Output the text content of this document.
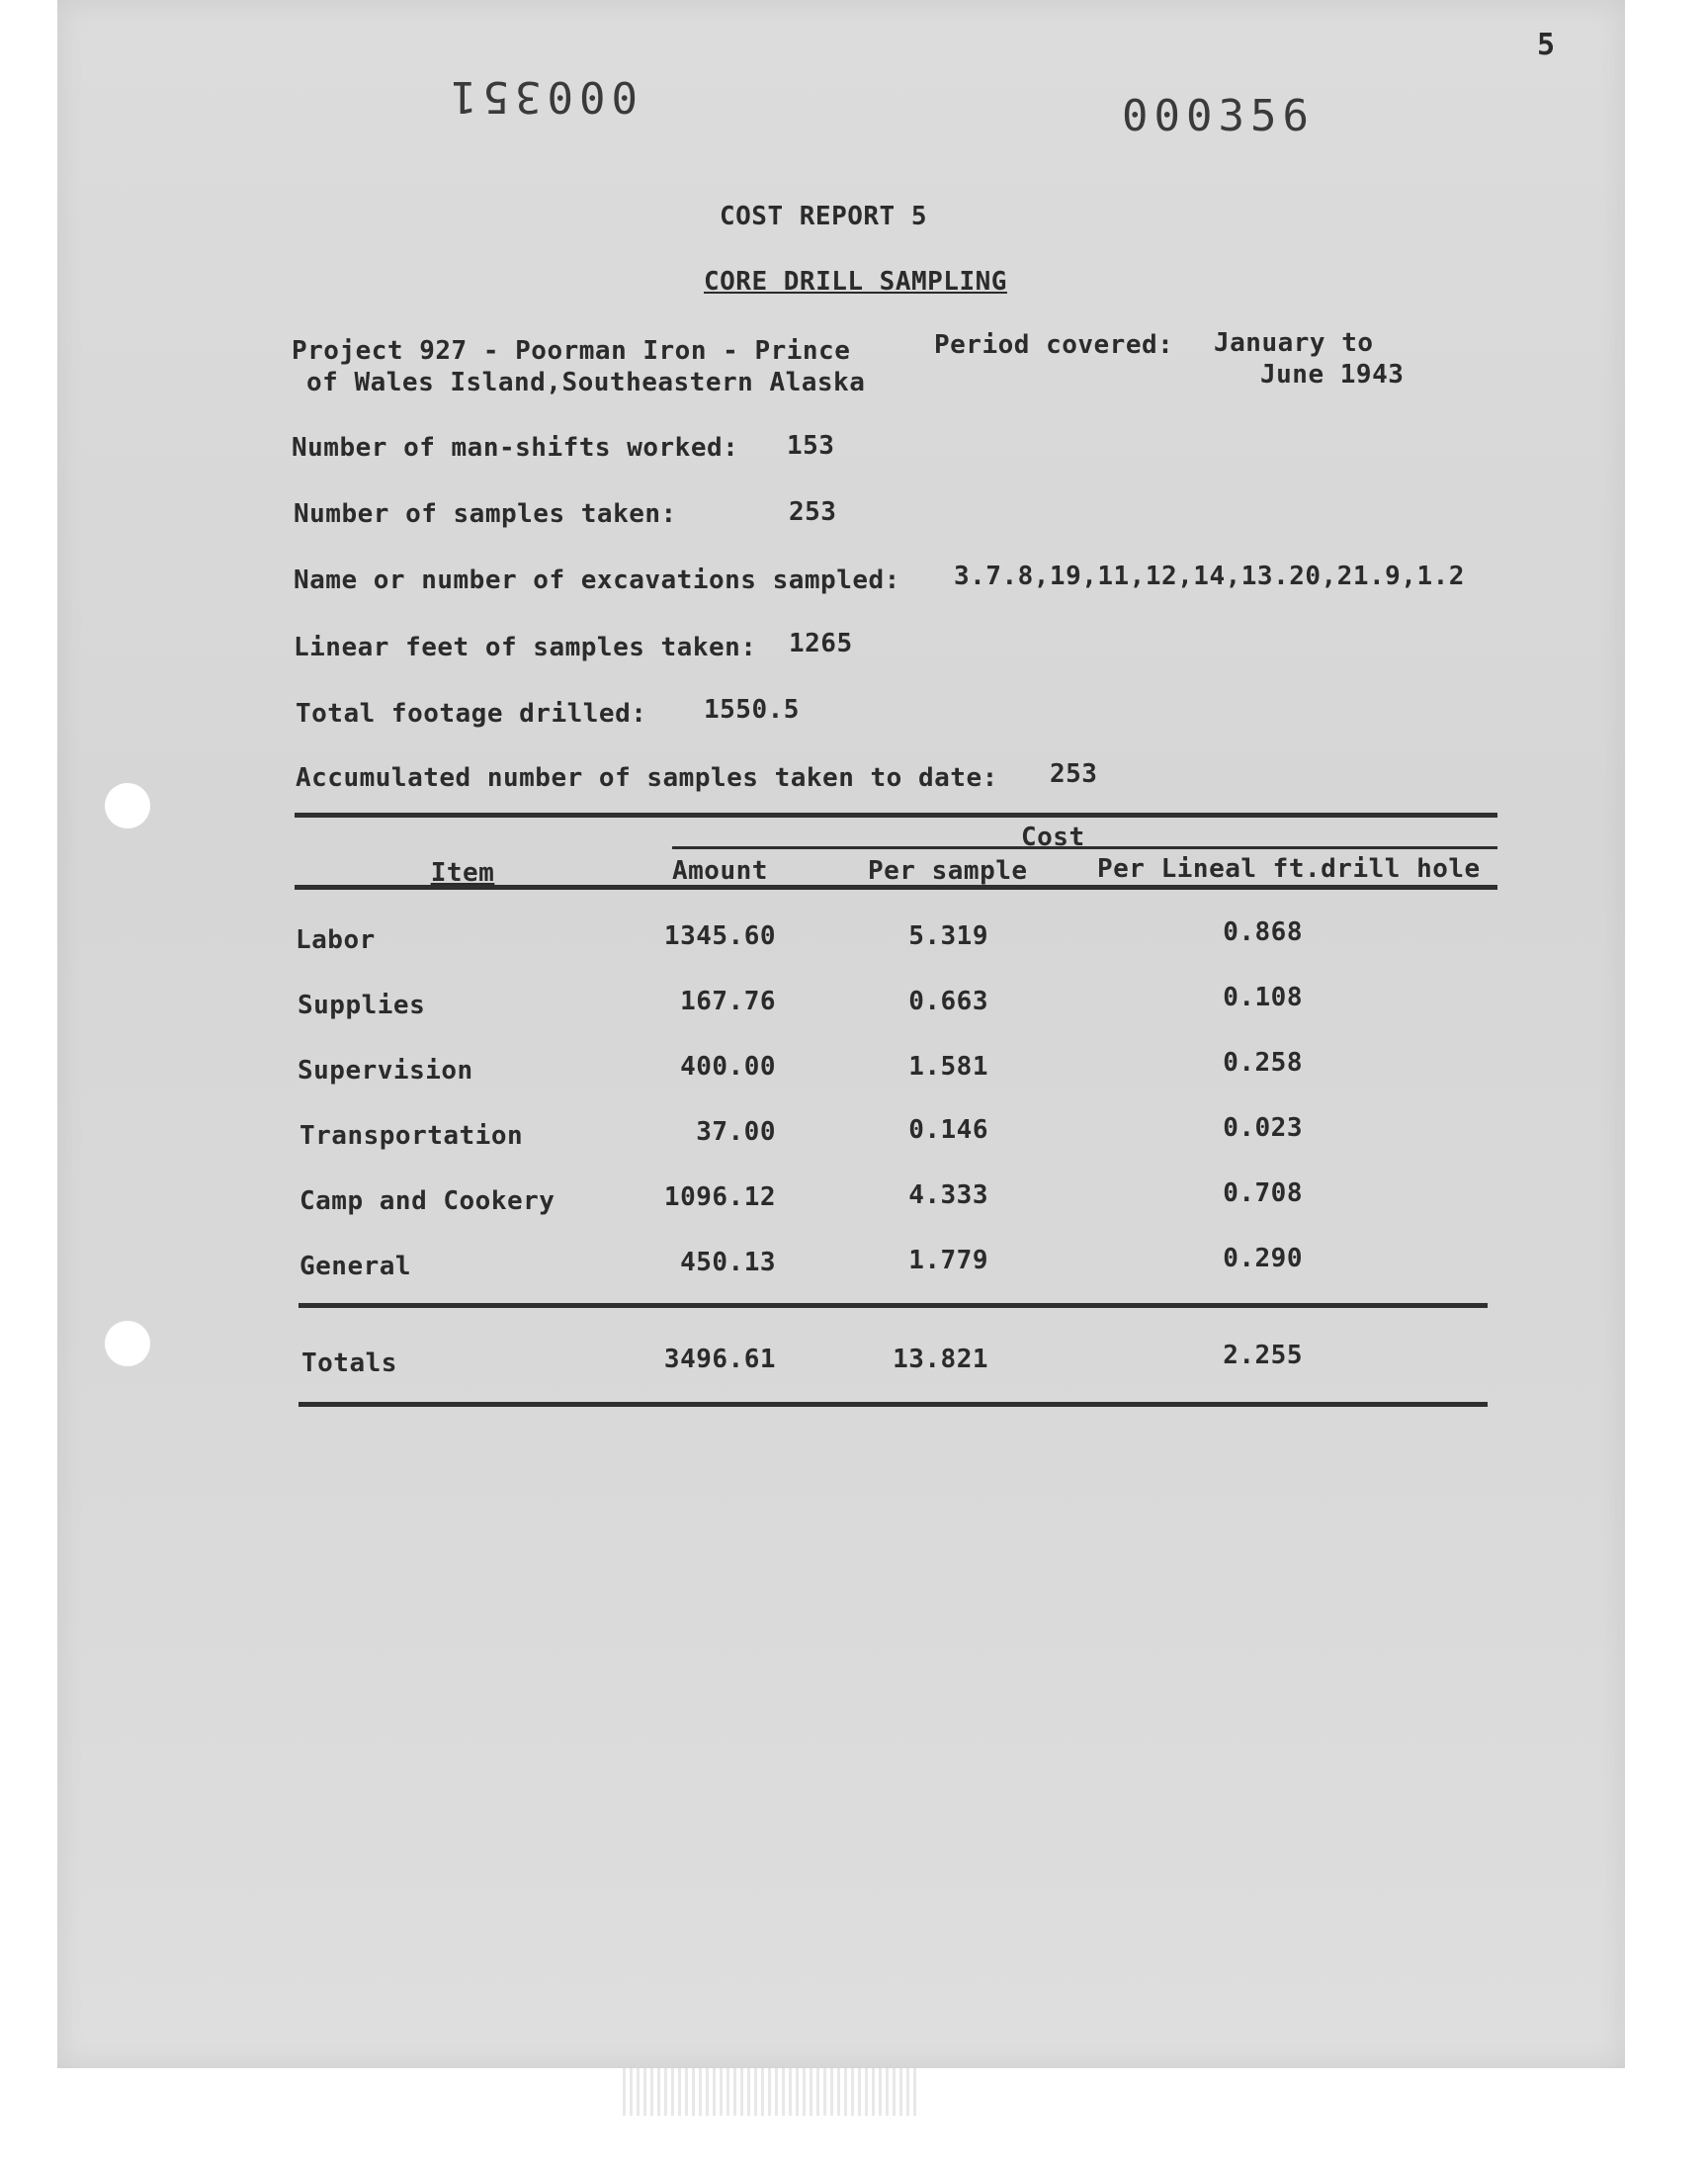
5
000351	000356
COST REPORT 5
CORE DRILL SAMPLING
Project 927 - Poorman Iron - Prince
of Wales Island,Southeastern Alaska
Period covered: January to
June 1943
Number of man-shifts worked: 153
Number of samples taken:	253
Name or number of excavations sampled: 3.7.8,19,11,12,14,13.20,21.9,1.2
Linear feet of samples taken: 1265
Total footage drilled: 1550.5
Accumulated number of samples taken to date: 253
Cost
Item	Amount	Per sample	Per Lineal ft.drill hole
Labor	1345.60	5.319	0.868
Supplies	167.76	0.663	0.108
Supervision	400.00	1.581	0.258
Transportation	37.00	0.146	0.023
Camp and Cookery	1096.12	4.333	0.708
General	450.13	1.779	0.290
Totals	3496.61	13.821	2.255
